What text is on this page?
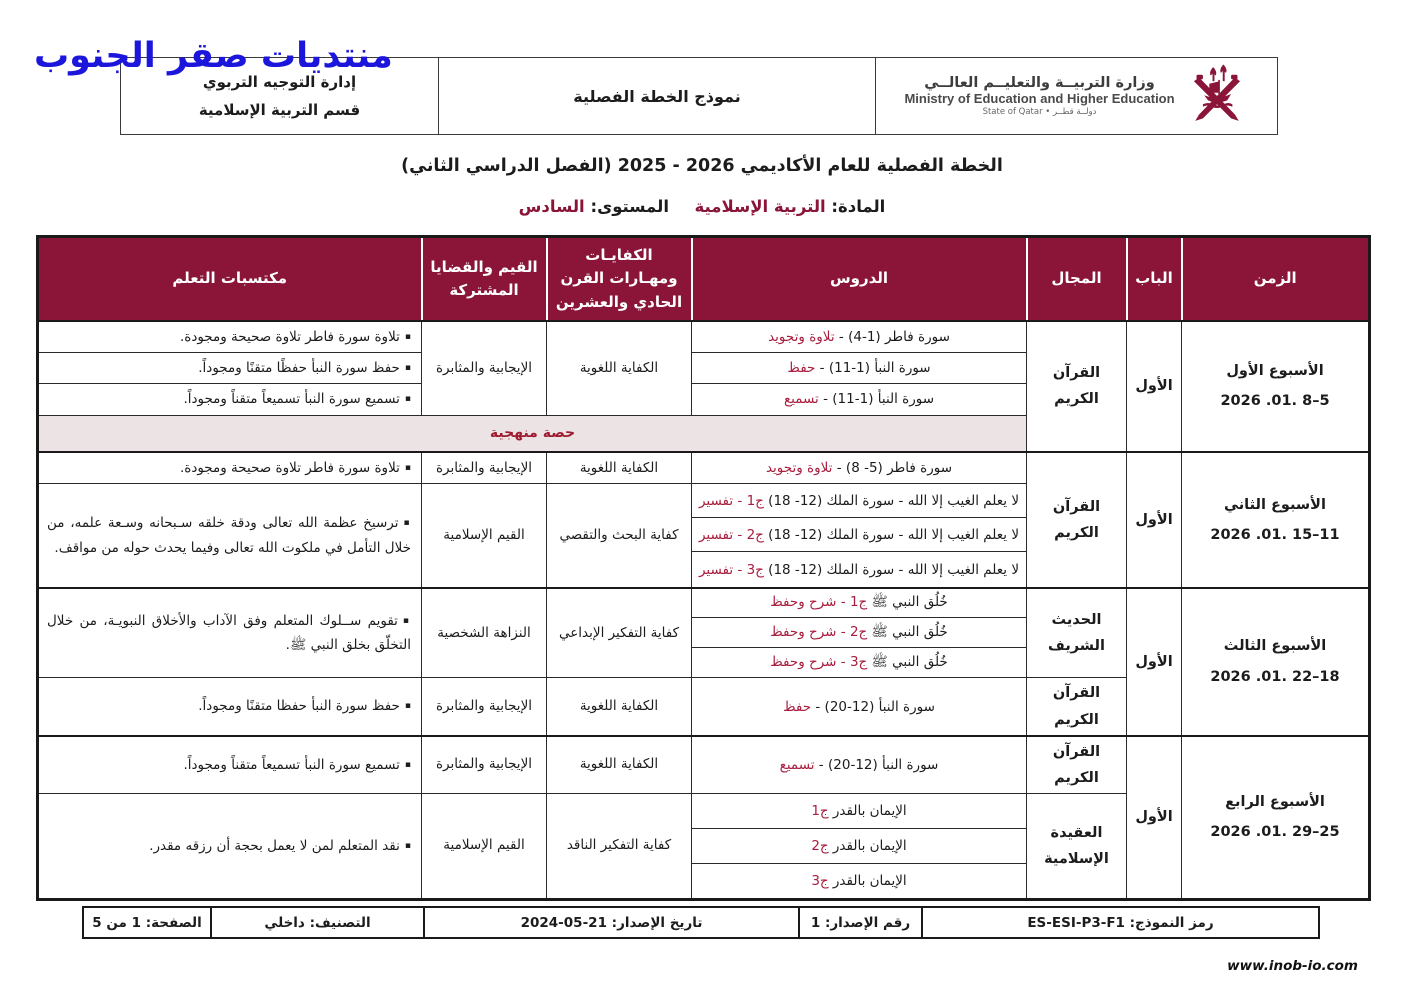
منتديات صقر الجنوب
وزارة التربيــة والتعليــم العالــي
Ministry of Education and Higher Education
دولــة قطــر • State of Qatar
	نموذج الخطة الفصلية	
إدارة التوجيه التربوي
قسم التربية الإسلامية
الخطة الفصلية للعام الأكاديمي 2025 - 2026 (الفصل الدراسي الثاني)
المادة: التربية الإسلامية  المستوى: السادس
الزمن	الباب	المجال	الدروس	الكفايـات ومهـارات القرن الحادي والعشرين	القيم والقضايا المشتركة	مكتسبات التعلم

الأسبوع الأول
2026 .01. 8–5	الأول	القرآن الكريم	سورة فاطر (1-4) - تلاوة وتجويد	الكفاية اللغوية	الإيجابية والمثابرة	▪تلاوة سورة فاطر تلاوة صحيحة ومجودة.
			سورة النبأ (1-11) - حفظ			▪حفظ سورة النبأ حفظًا متقنًا ومجوداً.
			سورة النبأ (1-11) - تسميع			▪تسميع سورة النبأ تسميعاً متقناً ومجوداً.
			حصة منهجية			

الأسبوع الثاني
2026 .01. 15–11	الأول	القرآن الكريم	سورة فاطر (5- 8) - تلاوة وتجويد	الكفاية اللغوية	الإيجابية والمثابرة	▪تلاوة سورة فاطر تلاوة صحيحة ومجودة.
			لا يعلم الغيب إلا الله - سورة الملك (12- 18) ج1 - تفسير	كفاية البحث والتقصي	القيم الإسلامية	▪ترسيخ عظمة الله تعالى ودقة خلقه سـبحانه وسـعة علمه، من خلال التأمل في ملكوت الله تعالى وفيما يحدث حوله من مواقف.
			لا يعلم الغيب إلا الله - سورة الملك (12- 18) ج2 - تفسير			
			لا يعلم الغيب إلا الله - سورة الملك (12- 18) ج3 - تفسير			

الأسبوع الثالث
2026 .01. 22–18	الأول	الحديث الشريف	خُلُق النبي ﷺ ج1 - شرح وحفظ	كفاية التفكير الإبداعي	النزاهة الشخصية	▪تقويم ســلوك المتعلم وفق الآداب والأخلاق النبويـة، من خلال التخلّق بخلق النبي ﷺ.
			خُلُق النبي ﷺ ج2 - شرح وحفظ			
			خُلُق النبي ﷺ ج3 - شرح وحفظ			
		القرآن الكريم	سورة النبأ (12-20) - حفظ	الكفاية اللغوية	الإيجابية والمثابرة	▪حفظ سورة النبأ حفظا متقنًا ومجوداً.

الأسبوع الرابع
2026 .01. 29–25	الأول	القرآن الكريم	سورة النبأ (12-20) - تسميع	الكفاية اللغوية	الإيجابية والمثابرة	▪تسميع سورة النبأ تسميعاً متقناً ومجوداً.
		العقيدة الإسلامية	الإيمان بالقدر ج1	كفاية التفكير الناقد	القيم الإسلامية	▪نقد المتعلم لمن لا يعمل بحجة أن رزقه مقدر.
			الإيمان بالقدر ج2			
			الإيمان بالقدر ج3			
رمز النموذج: ES-ESI-P3-F1	رقم الإصدار: 1	تاريخ الإصدار: 21-05-2024	التصنيف: داخلي	الصفحة: 1 من 5
www.inob-io.com
